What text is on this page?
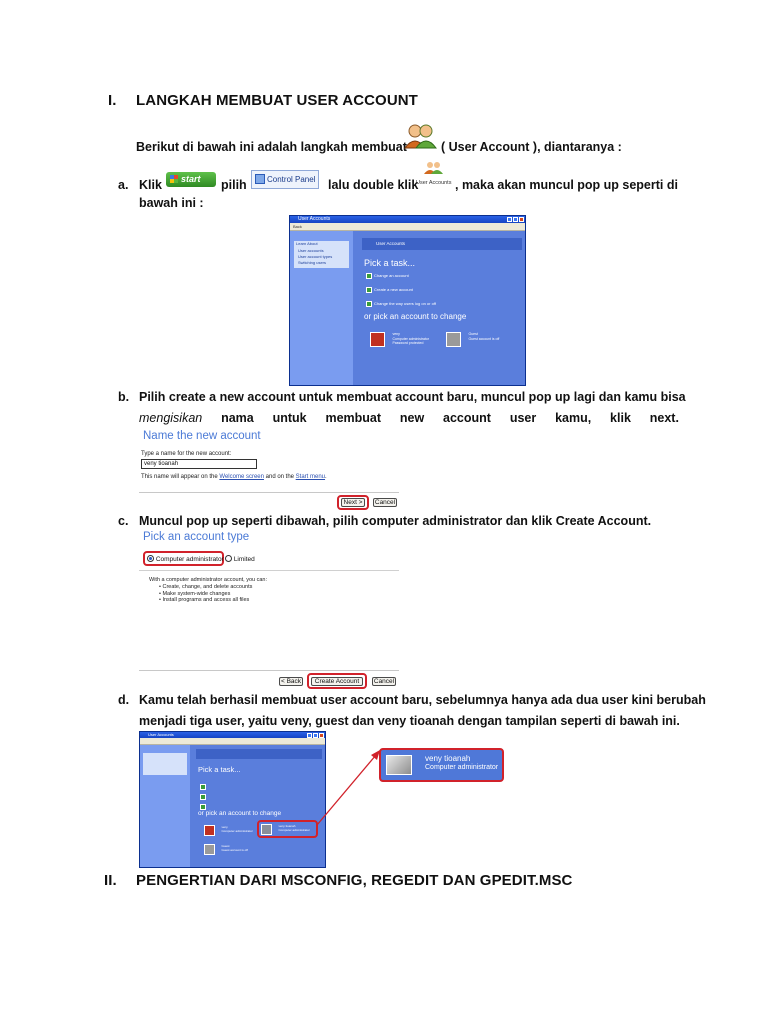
I. LANGKAH MEMBUAT USER ACCOUNT
Berikut di bawah ini adalah langkah membuat	( User Account ), diantaranya :
a. Klik	start	pilih	Control Panel lalu double klik
User Accounts , maka akan muncul pop up seperti di
bawah ini :
User Accounts
Back
Learn About
User accounts
User account types
Switching users
User Accounts
Pick a task...
Change an account
Create a new account
Change the way users log on or off
or pick an account to change

veny
Computer administrator
Password protected

Guest
Guest account is off
b. Pilih create a new account untuk membuat account baru, muncul pop up lagi dan kamu bisa
mengisikan nama untuk membuat new account user kamu, klik next.
Name the new account
Type a name for the new account:
veny tioanah
This name will appear on the Welcome screen and on the Start menu.
Next >	Cancel
c. Muncul pop up seperti dibawah, pilih computer administrator dan klik Create Account.
Pick an account type
Computer administrator	Limited
With a computer administrator account, you can:
• Create, change, and delete accounts
• Make system-wide changes
• Install programs and access all files
< Back	Create Account	Cancel
d. Kamu telah berhasil membuat user account baru, sebelumnya hanya ada dua user kini berubah
menjadi tiga user, yaitu veny, guest dan veny tioanah dengan tampilan seperti di bawah ini.
User Accounts
Pick a task...
or pick an account to change

veny
Computer administrator

veny tioanah
Computer administrator

Guest
Guest account is off
veny tioanah
Computer administrator
II. PENGERTIAN DARI MSCONFIG, REGEDIT DAN GPEDIT.MSC
